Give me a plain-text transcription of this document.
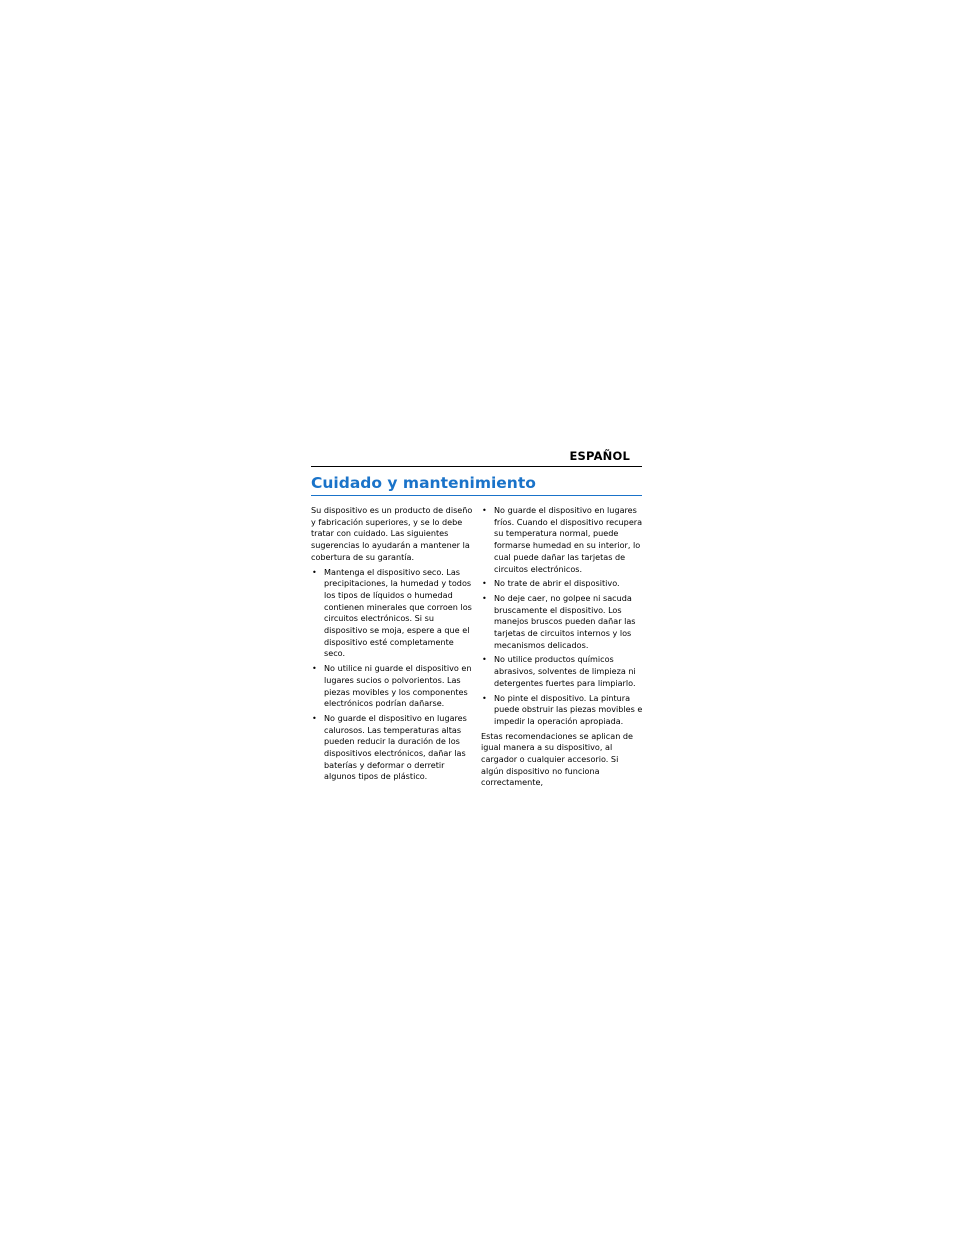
ESPAÑOL
Cuidado y mantenimiento

Su dispositivo es un producto de diseño y fabricación superiores, y se lo debe tratar con cuidado. Las siguientes sugerencias lo ayudarán a mantener la cobertura de su garantía.

• Mantenga el dispositivo seco. Las precipitaciones, la humedad y todos los tipos de líquidos o humedad contienen minerales que corroen los circuitos electrónicos. Si su dispositivo se moja, espere a que el dispositivo esté completamente seco.
• No utilice ni guarde el dispositivo en lugares sucios o polvorientos. Las piezas movibles y los componentes electrónicos podrían dañarse.
• No guarde el dispositivo en lugares calurosos. Las temperaturas altas pueden reducir la duración de los dispositivos electrónicos, dañar las baterías y deformar o derretir algunos tipos de plástico.
• No guarde el dispositivo en lugares fríos. Cuando el dispositivo recupera su temperatura normal, puede formarse humedad en su interior, lo cual puede dañar las tarjetas de circuitos electrónicos.
• No trate de abrir el dispositivo.
• No deje caer, no golpee ni sacuda bruscamente el dispositivo. Los manejos bruscos pueden dañar las tarjetas de circuitos internos y los mecanismos delicados.
• No utilice productos químicos abrasivos, solventes de limpieza ni detergentes fuertes para limpiarlo.
• No pinte el dispositivo. La pintura puede obstruir las piezas movibles e impedir la operación apropiada.

Estas recomendaciones se aplican de igual manera a su dispositivo, al cargador o cualquier accesorio. Si algún dispositivo no funciona correctamente,
